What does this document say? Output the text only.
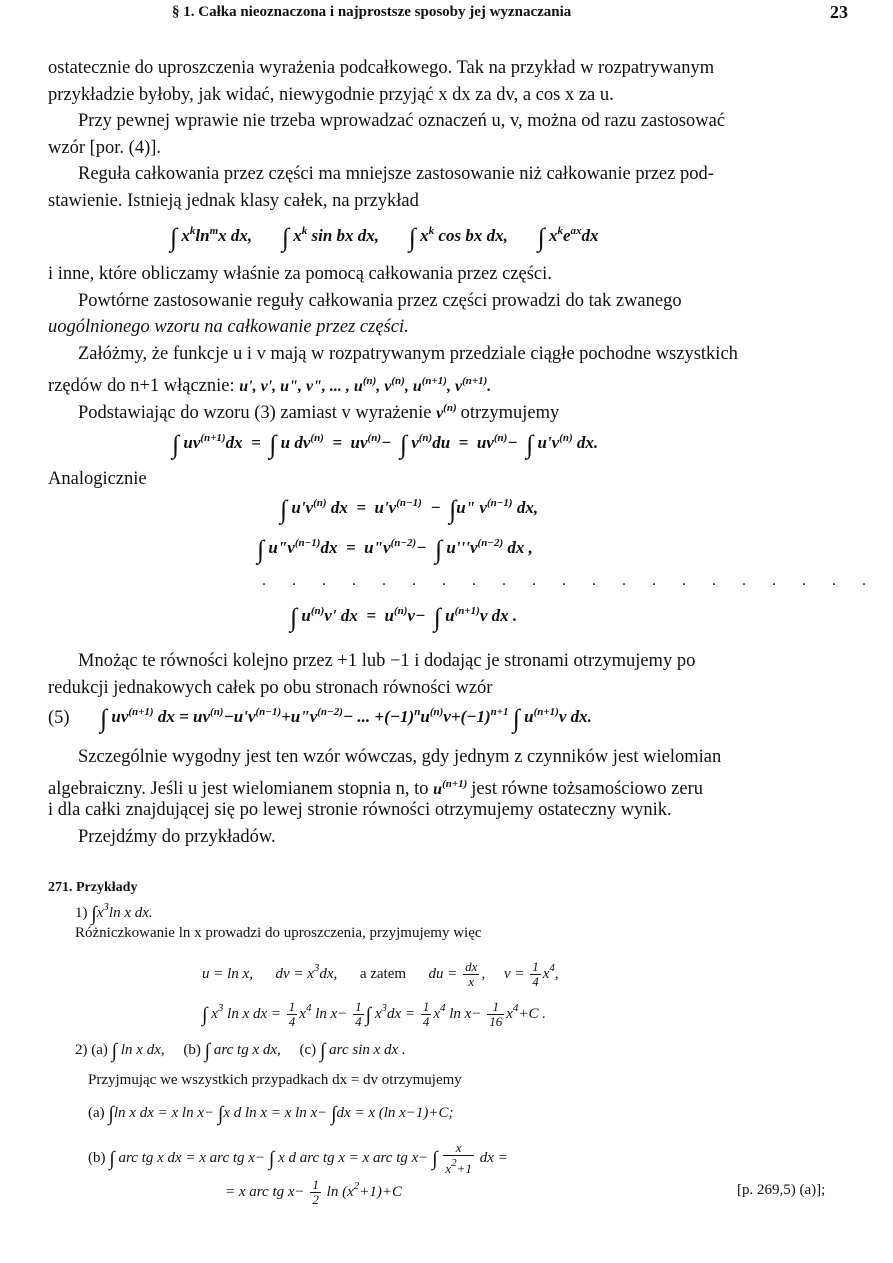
§ 1. Całka nieoznaczona i najprostsze sposoby jej wyznaczania	23
ostatecznie do uproszczenia wyrażenia podcałkowego. Tak na przykład w rozpatrywanym
przykładzie byłoby, jak widać, niewygodnie przyjąć x dx za dv, a cos x za u.
Przy pewnej wprawie nie trzeba wprowadzać oznaczeń u, v, można od razu zastosować
wzór [por. (4)].
Reguła całkowania przez części ma mniejsze zastosowanie niż całkowanie przez pod-
stawienie. Istnieją jednak klasy całek, na przykład
∫ $x^k\ln^mx$ dx,       ∫ $x^k$ sin bx dx,       ∫ $x^k$ cos bx dx,       ∫ $x^ke^{ax}dx$
i inne, które obliczamy właśnie za pomocą całkowania przez części.
Powtórne zastosowanie reguły całkowania przez części prowadzi do tak zwanego
uogólnionego wzoru na całkowanie przez części.
Załóżmy, że funkcje u i v mają w rozpatrywanym przedziale ciągłe pochodne wszystkich
rzędów do n+1 włącznie: u', v', u", v", ... , $u^{(n)}$, $v^{(n)}$, $u^{(n+1)}$, $v^{(n+1)}$.
Podstawiając do wzoru (3) zamiast v wyrażenie $v^{(n)}$ otrzymujemy
∫ $uv^{(n+1)}dx$  =  ∫ u $dv^{(n)} = uv^{(n)}-$  ∫ $v^{(n)}du = uv^{(n)}-$  ∫ $u'v^{(n)}$ dx.
Analogicznie
∫ $u'v^{(n)}$ dx  =  $u'v^{(n-1)} - \int u$" $v^{(n-1)}$ dx,
∫ $u"v^{(n-1)}dx$  =  $u"v^{(n-2)}-$  ∫ $u'''v^{(n-2)}$ dx ,
. . . . . . . . . . . . . . . . . . . . .
∫ $u^{(n)}v'$ dx  =  $u^{(n)}v-$  ∫ $u^{(n+1)}v$ dx .
Mnożąc te równości kolejno przez +1 lub −1 i dodając je stronami otrzymujemy po
redukcji jednakowych całek po obu stronach równości wzór
(5) ∫ $uv^{(n+1)}$ dx = $uv^{(n)}-u'v^{(n-1)}+u"v^{(n-2)}-$ ... $+(-1)^nu^{(n)}v+(-1)^{n+1}$ ∫ $u^{(n+1)}v$ dx.
Szczególnie wygodny jest ten wzór wówczas, gdy jednym z czynników jest wielomian
algebraiczny. Jeśli u jest wielomianem stopnia n, to $u^{(n+1)}$ jest równe tożsamościowo zeru
i dla całki znajdującej się po lewej stronie równości otrzymujemy ostateczny wynik.
Przejdźmy do przykładów.
271. Przykłady
1) $\int x^3\ln$ x dx.
Różniczkowanie ln x prowadzi do uproszczenia, przyjmujemy więc
u = ln x,      dv = $x^3dx$,      a zatem      du = $\frac{dx}{x}$ ,     $v = \frac{1}{4} x^4$,
∫ $x^3$ ln x dx = $\frac{1}{4} x^4$ $\ln x- \frac{1}{4}$ ∫ $x^3dx = \frac{1}{4} x^4$ $\ln x- \frac{1}{16} x^4+C$ .
2) (a) ∫ ln x dx, (b) ∫ arc tg x dx, (c) ∫ arc sin x dx .
Przyjmując we wszystkich przypadkach dx = dv otrzymujemy
(a) ∫ln x dx = x ln x− ∫x d ln x = x ln x− ∫dx = x (ln x−1)+C;
(b) ∫ arc tg x dx = x arc tg x− ∫ x d arc tg x = x arc tg x− ∫ $\frac{x}{x^2+1}$ dx =
= x arc tg $x- \frac{1}{2}$ $\ln (x^2+1)+C$	[p. 269,5) (a)];
